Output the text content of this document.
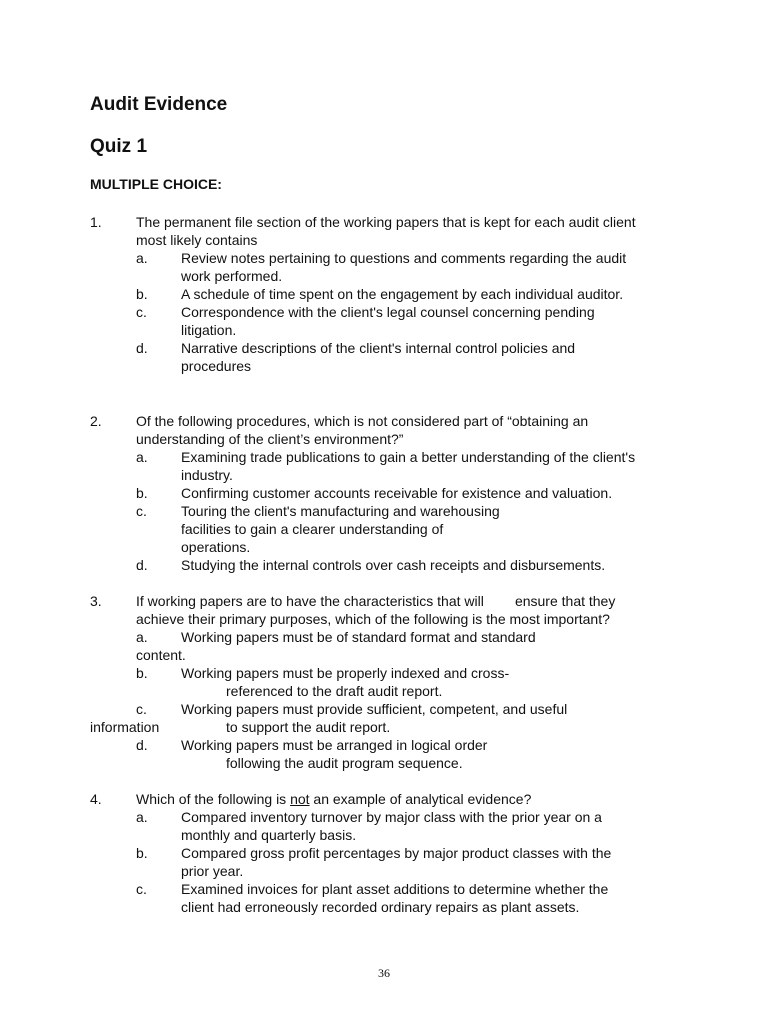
Audit Evidence
Quiz 1
MULTIPLE CHOICE:
1. The permanent file section of the working papers that is kept for each audit client
most likely contains
a. Review notes pertaining to questions and comments regarding the audit
work performed.
b. A schedule of time spent on the engagement by each individual auditor.
c. Correspondence with the client's legal counsel concerning pending
litigation.
d. Narrative descriptions of the client's internal control policies and
procedures
2. Of the following procedures, which is not considered part of “obtaining an
understanding of the client’s environment?”
a. Examining trade publications to gain a better understanding of the client's
industry.
b. Confirming customer accounts receivable for existence and valuation.
c. Touring the client's manufacturing and warehousing
facilities to gain a clearer understanding of
operations.
d. Studying the internal controls over cash receipts and disbursements.
3. If working papers are to have the characteristics that will        ensure that they
achieve their primary purposes, which of the following is the most important?
a. Working papers must be of standard format and standard
content.
b. Working papers must be properly indexed and cross-
referenced to the draft audit report.
c. Working papers must provide sufficient, competent, and useful
information	to support the audit report.
d. Working papers must be arranged in logical order
following the audit program sequence.
4. Which of the following is not an example of analytical evidence?
a. Compared inventory turnover by major class with the prior year on a
monthly and quarterly basis.
b. Compared gross profit percentages by major product classes with the
prior year.
c. Examined invoices for plant asset additions to determine whether the
client had erroneously recorded ordinary repairs as plant assets.
36
